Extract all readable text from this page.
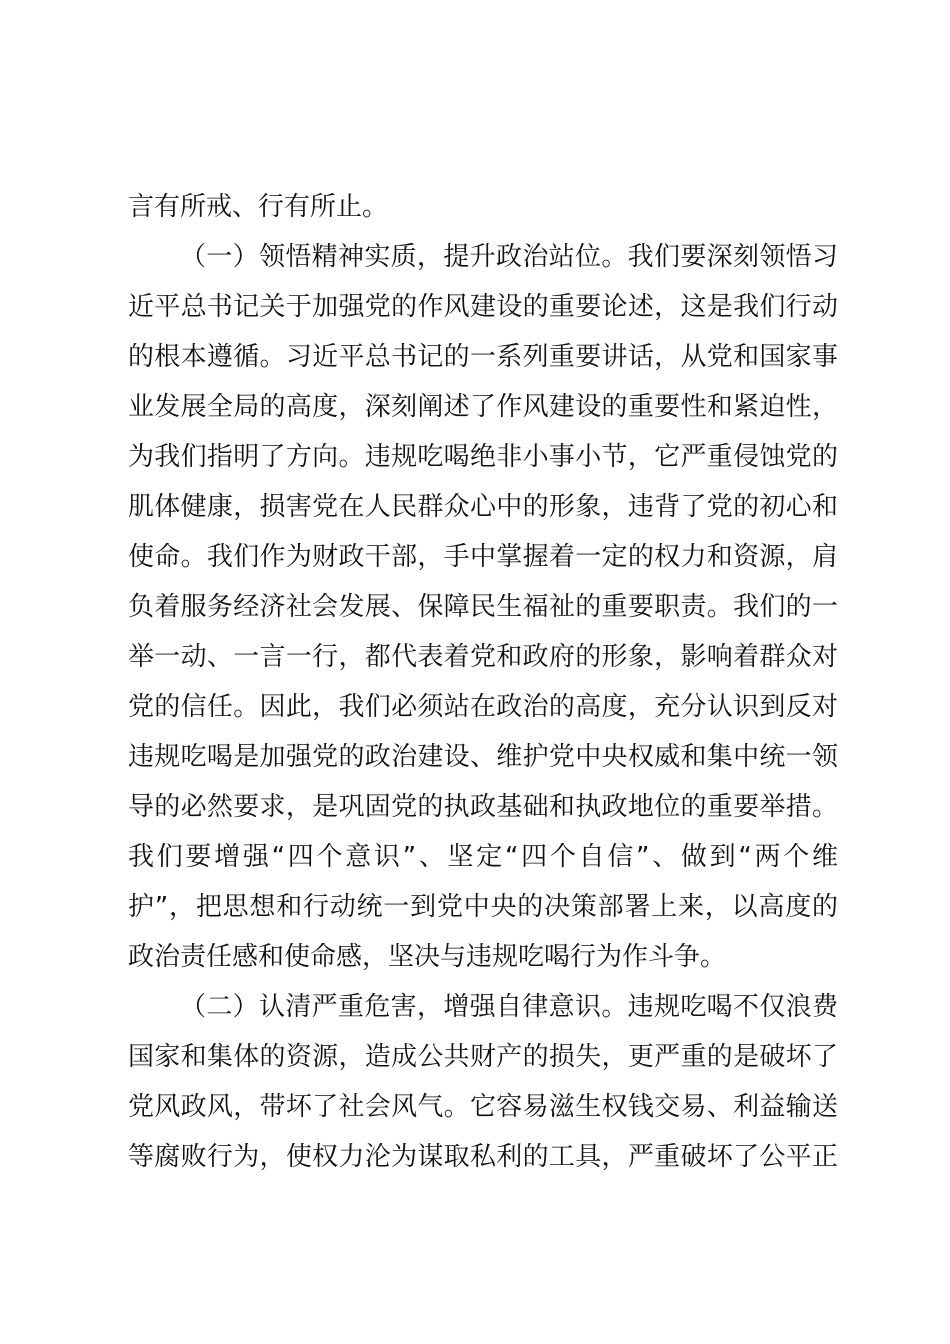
言有所戒、行有所止。

（一）领悟精神实质，提升政治站位。我们要深刻领悟习
近平总书记关于加强党的作风建设的重要论述，这是我们行动
的根本遵循。习近平总书记的一系列重要讲话，从党和国家事
业发展全局的高度，深刻阐述了作风建设的重要性和紧迫性，
为我们指明了方向。违规吃喝绝非小事小节，它严重侵蚀党的
肌体健康，损害党在人民群众心中的形象，违背了党的初心和
使命。我们作为财政干部，手中掌握着一定的权力和资源，肩
负着服务经济社会发展、保障民生福祉的重要职责。我们的一
举一动、一言一行，都代表着党和政府的形象，影响着群众对
党的信任。因此，我们必须站在政治的高度，充分认识到反对
违规吃喝是加强党的政治建设、维护党中央权威和集中统一领
导的必然要求，是巩固党的执政基础和执政地位的重要举措。
我们要增强“四个意识”、坚定“四个自信”、做到“两个维
护”，把思想和行动统一到党中央的决策部署上来，以高度的
政治责任感和使命感，坚决与违规吃喝行为作斗争。

（二）认清严重危害，增强自律意识。违规吃喝不仅浪费
国家和集体的资源，造成公共财产的损失，更严重的是破坏了
党风政风，带坏了社会风气。它容易滋生权钱交易、利益输送
等腐败行为，使权力沦为谋取私利的工具，严重破坏了公平正
